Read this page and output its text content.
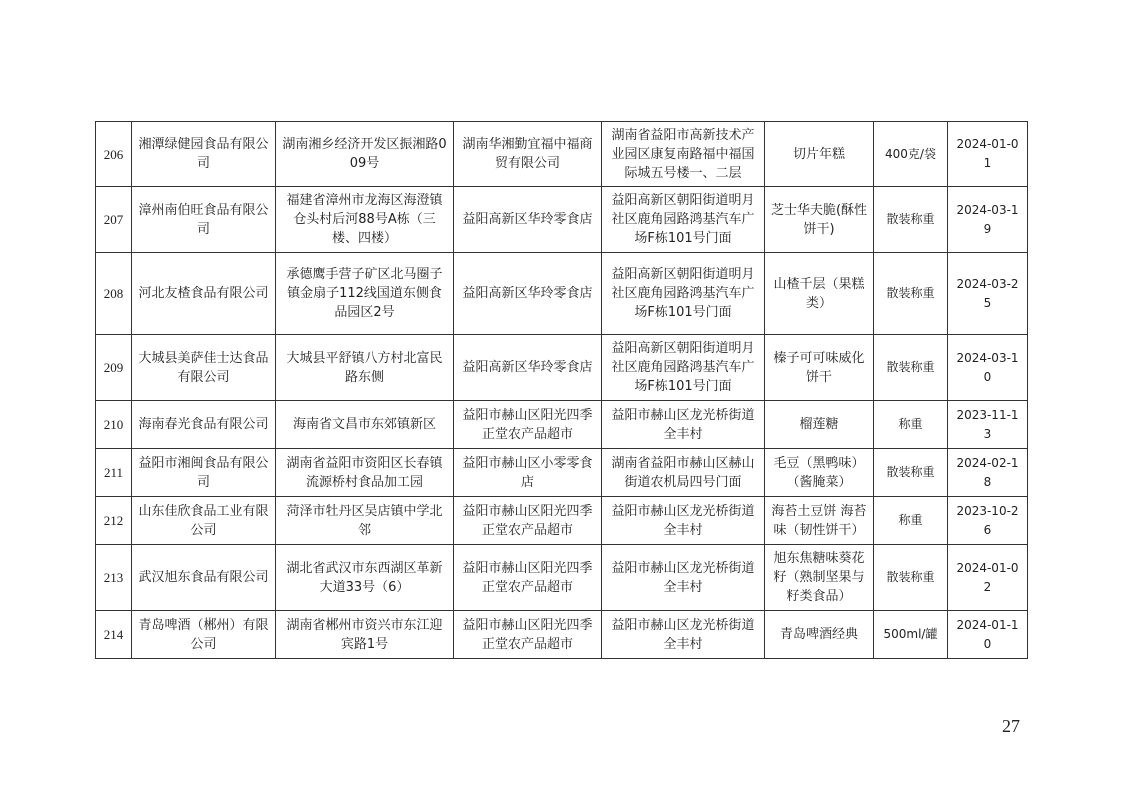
206	湘潭绿健园食品有限公司	湖南湘乡经济开发区振湘路009号	湖南华湘勤宜福中福商贸有限公司	湖南省益阳市高新技术产业园区康复南路福中福国际城五号楼一、二层	切片年糕	400克/袋	2024-01-01
207	漳州南伯旺食品有限公司	福建省漳州市龙海区海澄镇仓头村后河88号A栋（三楼、四楼）	益阳高新区华玲零食店	益阳高新区朝阳街道明月社区鹿角园路鸿基汽车广场F栋101号门面	芝士华夫脆(酥性饼干)	散装称重	2024-03-19
208	河北友楂食品有限公司	承德鹰手营子矿区北马圈子镇金扇子112线国道东侧食品园区2号	益阳高新区华玲零食店	益阳高新区朝阳街道明月社区鹿角园路鸿基汽车广场F栋101号门面	山楂千层（果糕类）	散装称重	2024-03-25
209	大城县美萨佳士达食品有限公司	大城县平舒镇八方村北富民路东侧	益阳高新区华玲零食店	益阳高新区朝阳街道明月社区鹿角园路鸿基汽车广场F栋101号门面	榛子可可味威化饼干	散装称重	2024-03-10
210	海南春光食品有限公司	海南省文昌市东郊镇新区	益阳市赫山区阳光四季正堂农产品超市	益阳市赫山区龙光桥街道全丰村	榴莲糖	称重	2023-11-13
211	益阳市湘闽食品有限公司	湖南省益阳市资阳区长春镇流源桥村食品加工园	益阳市赫山区小零零食店	湖南省益阳市赫山区赫山街道农机局四号门面	毛豆（黑鸭味）（酱腌菜）	散装称重	2024-02-18
212	山东佳欣食品工业有限公司	菏泽市牡丹区吴店镇中学北邻	益阳市赫山区阳光四季正堂农产品超市	益阳市赫山区龙光桥街道全丰村	海苔土豆饼 海苔味（韧性饼干）	称重	2023-10-26
213	武汉旭东食品有限公司	湖北省武汉市东西湖区革新大道33号（6）	益阳市赫山区阳光四季正堂农产品超市	益阳市赫山区龙光桥街道全丰村	旭东焦糖味葵花籽（熟制坚果与籽类食品）	散装称重	2024-01-02
214	青岛啤酒（郴州）有限公司	湖南省郴州市资兴市东江迎宾路1号	益阳市赫山区阳光四季正堂农产品超市	益阳市赫山区龙光桥街道全丰村	青岛啤酒经典	500ml/罐	2024-01-10
27
